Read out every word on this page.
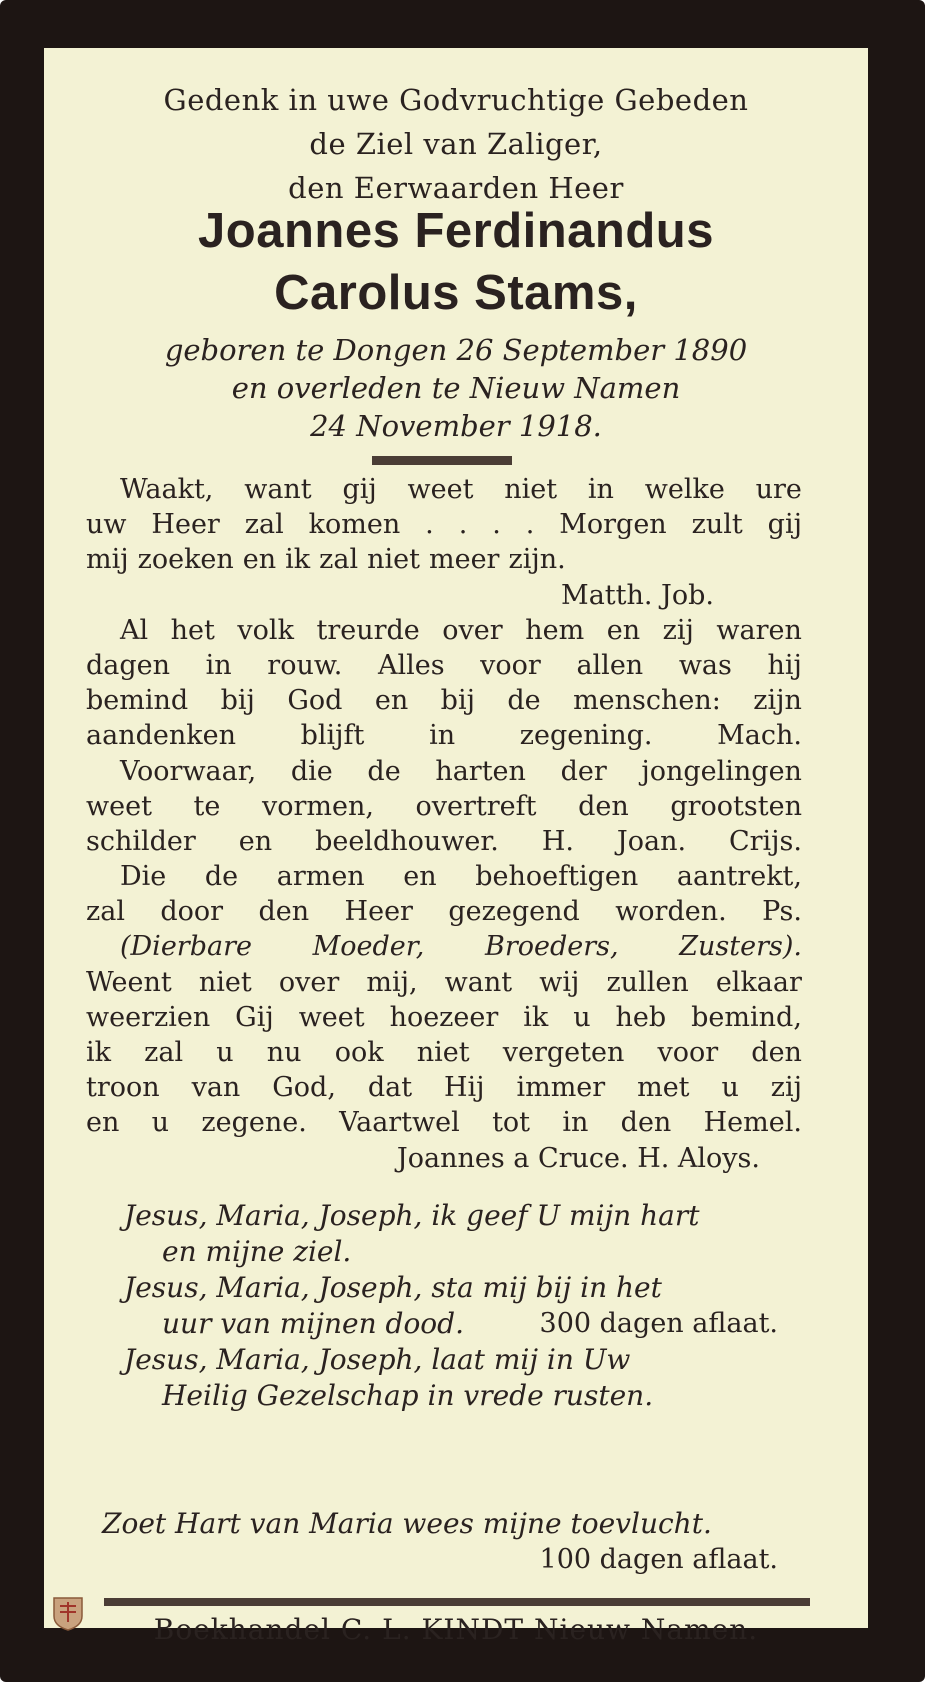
Gedenk in uwe Godvruchtige Gebeden
de Ziel van Zaliger,
den Eerwaarden Heer
Joannes Ferdinandus
Carolus Stams,
geboren te Dongen 26 September 1890
en overleden te Nieuw Namen
24 November 1918.
Waakt, want gij weet niet in welke ure
uw Heer zal komen . . . . Morgen zult gij
mij zoeken en ik zal niet meer zijn.
Matth. Job.
Al het volk treurde over hem en zij waren
dagen in rouw. Alles voor allen was hij
bemind bij God en bij de menschen: zijn
aandenken blijft in zegening. Mach.
Voorwaar, die de harten der jongelingen
weet te vormen, overtreft den grootsten
schilder en beeldhouwer. H. Joan. Crijs.
Die de armen en behoeftigen aantrekt,
zal door den Heer gezegend worden. Ps.
(Dierbare Moeder, Broeders, Zusters).
Weent niet over mij, want wij zullen elkaar
weerzien Gij weet hoezeer ik u heb bemind,
ik zal u nu ook niet vergeten voor den
troon van God, dat Hij immer met u zij
en u zegene. Vaartwel tot in den Hemel.
Joannes a Cruce. H. Aloys.
Jesus, Maria, Joseph, ik geef U mijn hart
en mijne ziel.
Jesus, Maria, Joseph, sta mij bij in het
uur van mijnen dood.
Jesus, Maria, Joseph, laat mij in Uw
Heilig Gezelschap in vrede rusten.
300 dagen aflaat.
Zoet Hart van Maria wees mijne toevlucht.
100 dagen aflaat.
Boekhandel C. L. KINDT Nieuw Namen.
